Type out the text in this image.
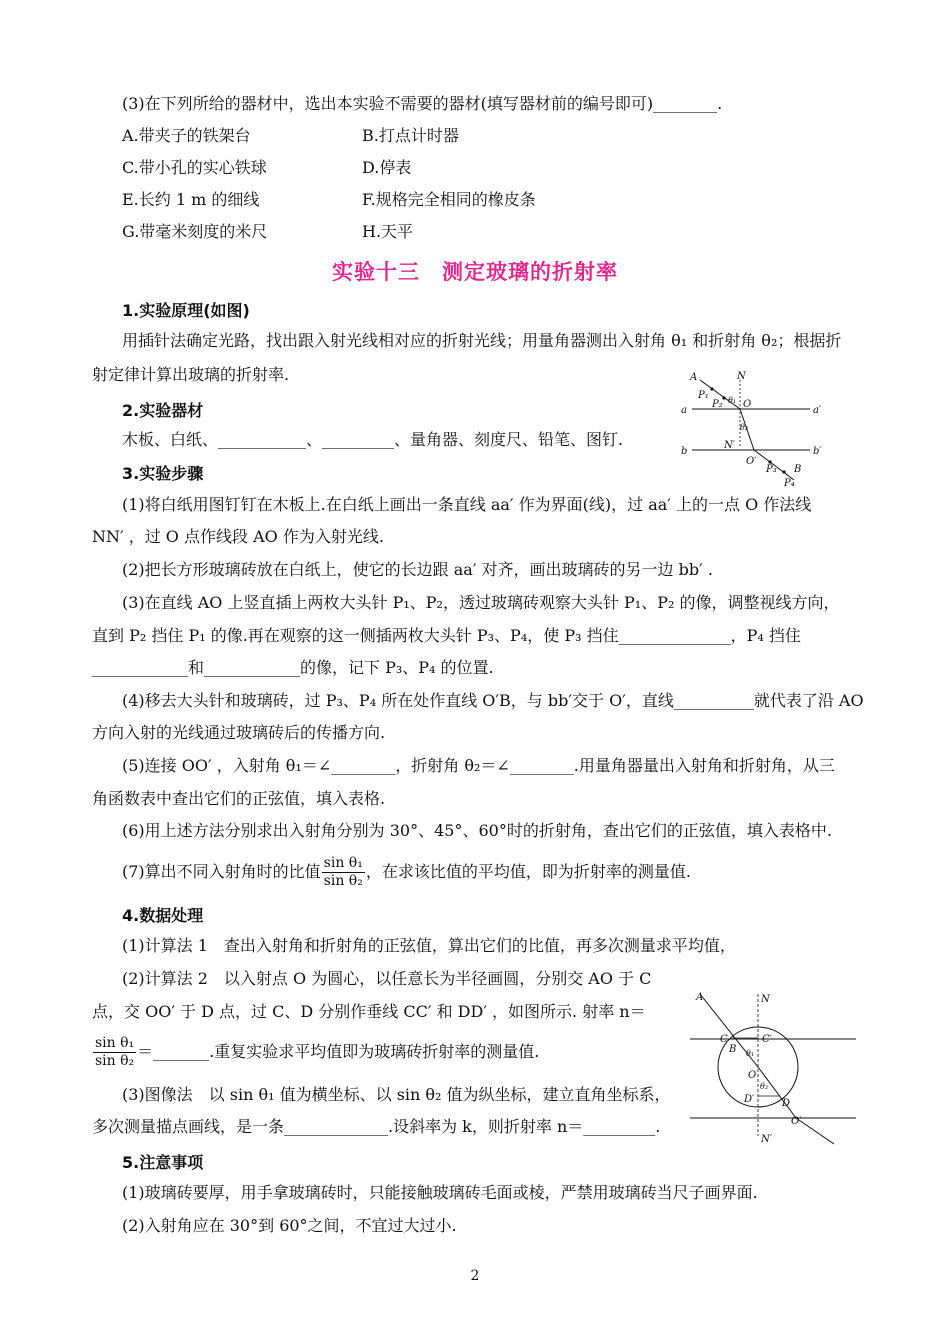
(3)在下列所给的器材中，选出本实验不需要的器材(填写器材前的编号即可)________.
A.带夹子的铁架台	B.打点计时器
C.带小孔的实心铁球	D.停表
E.长约 1 m 的细线	F.规格完全相同的橡皮条
G.带毫米刻度的米尺	H.天平
实验十三　测定玻璃的折射率
1.实验原理(如图)
用插针法确定光路，找出跟入射光线相对应的折射光线；用量角器测出入射角 θ₁ 和折射角 θ₂；根据折
射定律计算出玻璃的折射率.
2.实验器材
木板、白纸、___________、_________、量角器、刻度尺、铅笔、图钉.
3.实验步骤
(1)将白纸用图钉钉在木板上.在白纸上画出一条直线 aa′ 作为界面(线)，过 aa′ 上的一点 O 作法线
NN′ ，过 O 点作线段 AO 作为入射光线.
(2)把长方形玻璃砖放在白纸上，使它的长边跟 aa′ 对齐，画出玻璃砖的另一边 bb′ .
(3)在直线 AO 上竖直插上两枚大头针 P₁、P₂，透过玻璃砖观察大头针 P₁、P₂ 的像，调整视线方向，
直到 P₂ 挡住 P₁ 的像.再在观察的这一侧插两枚大头针 P₃、P₄，使 P₃ 挡住______________，P₄ 挡住
____________和____________的像，记下 P₃、P₄ 的位置.
(4)移去大头针和玻璃砖，过 P₃、P₄ 所在处作直线 O′B，与 bb′交于 O′，直线__________就代表了沿 AO
方向入射的光线通过玻璃砖后的传播方向.
(5)连接 OO′ ，入射角 θ₁＝∠________，折射角 θ₂＝∠________.用量角器量出入射角和折射角，从三
角函数表中查出它们的正弦值，填入表格.
(6)用上述方法分别求出入射角分别为 30°、45°、60°时的折射角，查出它们的正弦值，填入表格中.
(7)算出不同入射角时的比值 $\frac{\text{sin θ₁}}{\text{sin θ₂}}$ ，在求该比值的平均值，即为折射率的测量值.
4.数据处理
(1)计算法 1　查出入射角和折射角的正弦值，算出它们的比值，再多次测量求平均值，
(2)计算法 2　以入射点 O 为圆心，以任意长为半径画圆，分别交 AO 于 C
点，交 OO′ 于 D 点，过 C、D 分别作垂线 CC′ 和 DD′ ，如图所示. 射率 n＝
$\frac{\text{sin θ₁}}{\text{sin θ₂}}$ ＝_______.重复实验求平均值即为玻璃砖折射率的测量值.
(3)图像法　以 sin θ₁ 值为横坐标、以 sin θ₂ 值为纵坐标，建立直角坐标系，
多次测量描点画线，是一条_____________.设斜率为 k，则折射率 n＝_________.
5.注意事项
(1)玻璃砖要厚，用手拿玻璃砖时，只能接触玻璃砖毛面或棱，严禁用玻璃砖当尺子画界面.
(2)入射角应在 30°到 60°之间，不宜过大过小.
A	N
P₁
P₂ θ₁ O
a	a′
θ₂
b
N′
b′
O′
P₃ B
P₄
A	N
C	C′
B θ₁
O
θ₂
D′	D
O′
N′
2
